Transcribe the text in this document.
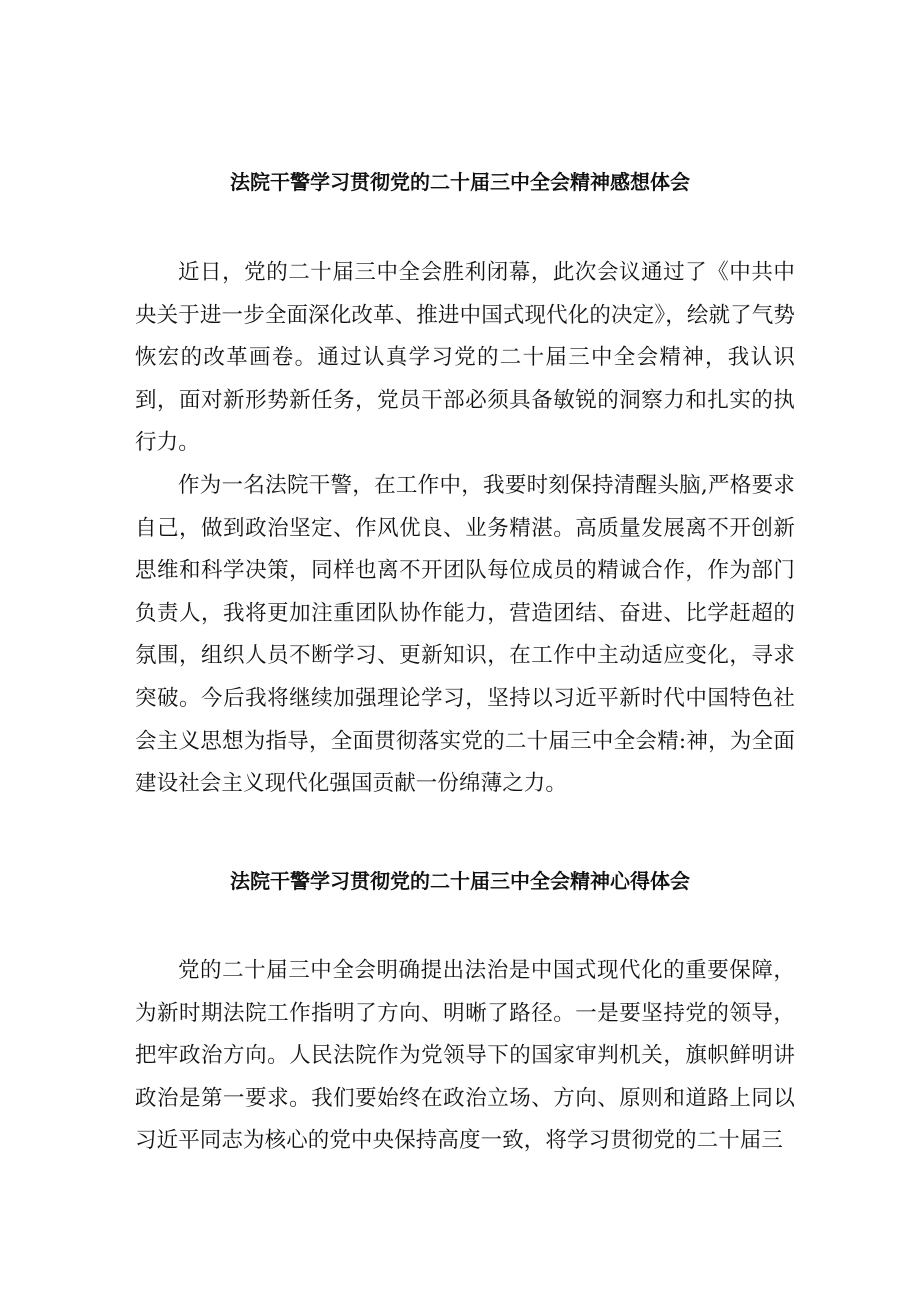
法院干警学习贯彻党的二十届三中全会精神感想体会

近日，党的二十届三中全会胜利闭幕，此次会议通过了《中共中央关于进一步全面深化改革、推进中国式现代化的决定》，绘就了气势恢宏的改革画卷。通过认真学习党的二十届三中全会精神，我认识到，面对新形势新任务，党员干部必须具备敏锐的洞察力和扎实的执行力。

作为一名法院干警，在工作中，我要时刻保持清醒头脑,严格要求自己，做到政治坚定、作风优良、业务精湛。高质量发展离不开创新思维和科学决策，同样也离不开团队每位成员的精诚合作，作为部门负责人，我将更加注重团队协作能力，营造团结、奋进、比学赶超的氛围，组织人员不断学习、更新知识，在工作中主动适应变化，寻求突破。今后我将继续加强理论学习，坚持以习近平新时代中国特色社会主义思想为指导，全面贯彻落实党的二十届三中全会精:神，为全面建设社会主义现代化强国贡献一份绵薄之力。

法院干警学习贯彻党的二十届三中全会精神心得体会

党的二十届三中全会明确提出法治是中国式现代化的重要保障，为新时期法院工作指明了方向、明晰了路径。一是要坚持党的领导，把牢政治方向。人民法院作为党领导下的国家审判机关，旗帜鲜明讲政治是第一要求。我们要始终在政治立场、方向、原则和道路上同以习近平同志为核心的党中央保持高度一致，将学习贯彻党的二十届三
